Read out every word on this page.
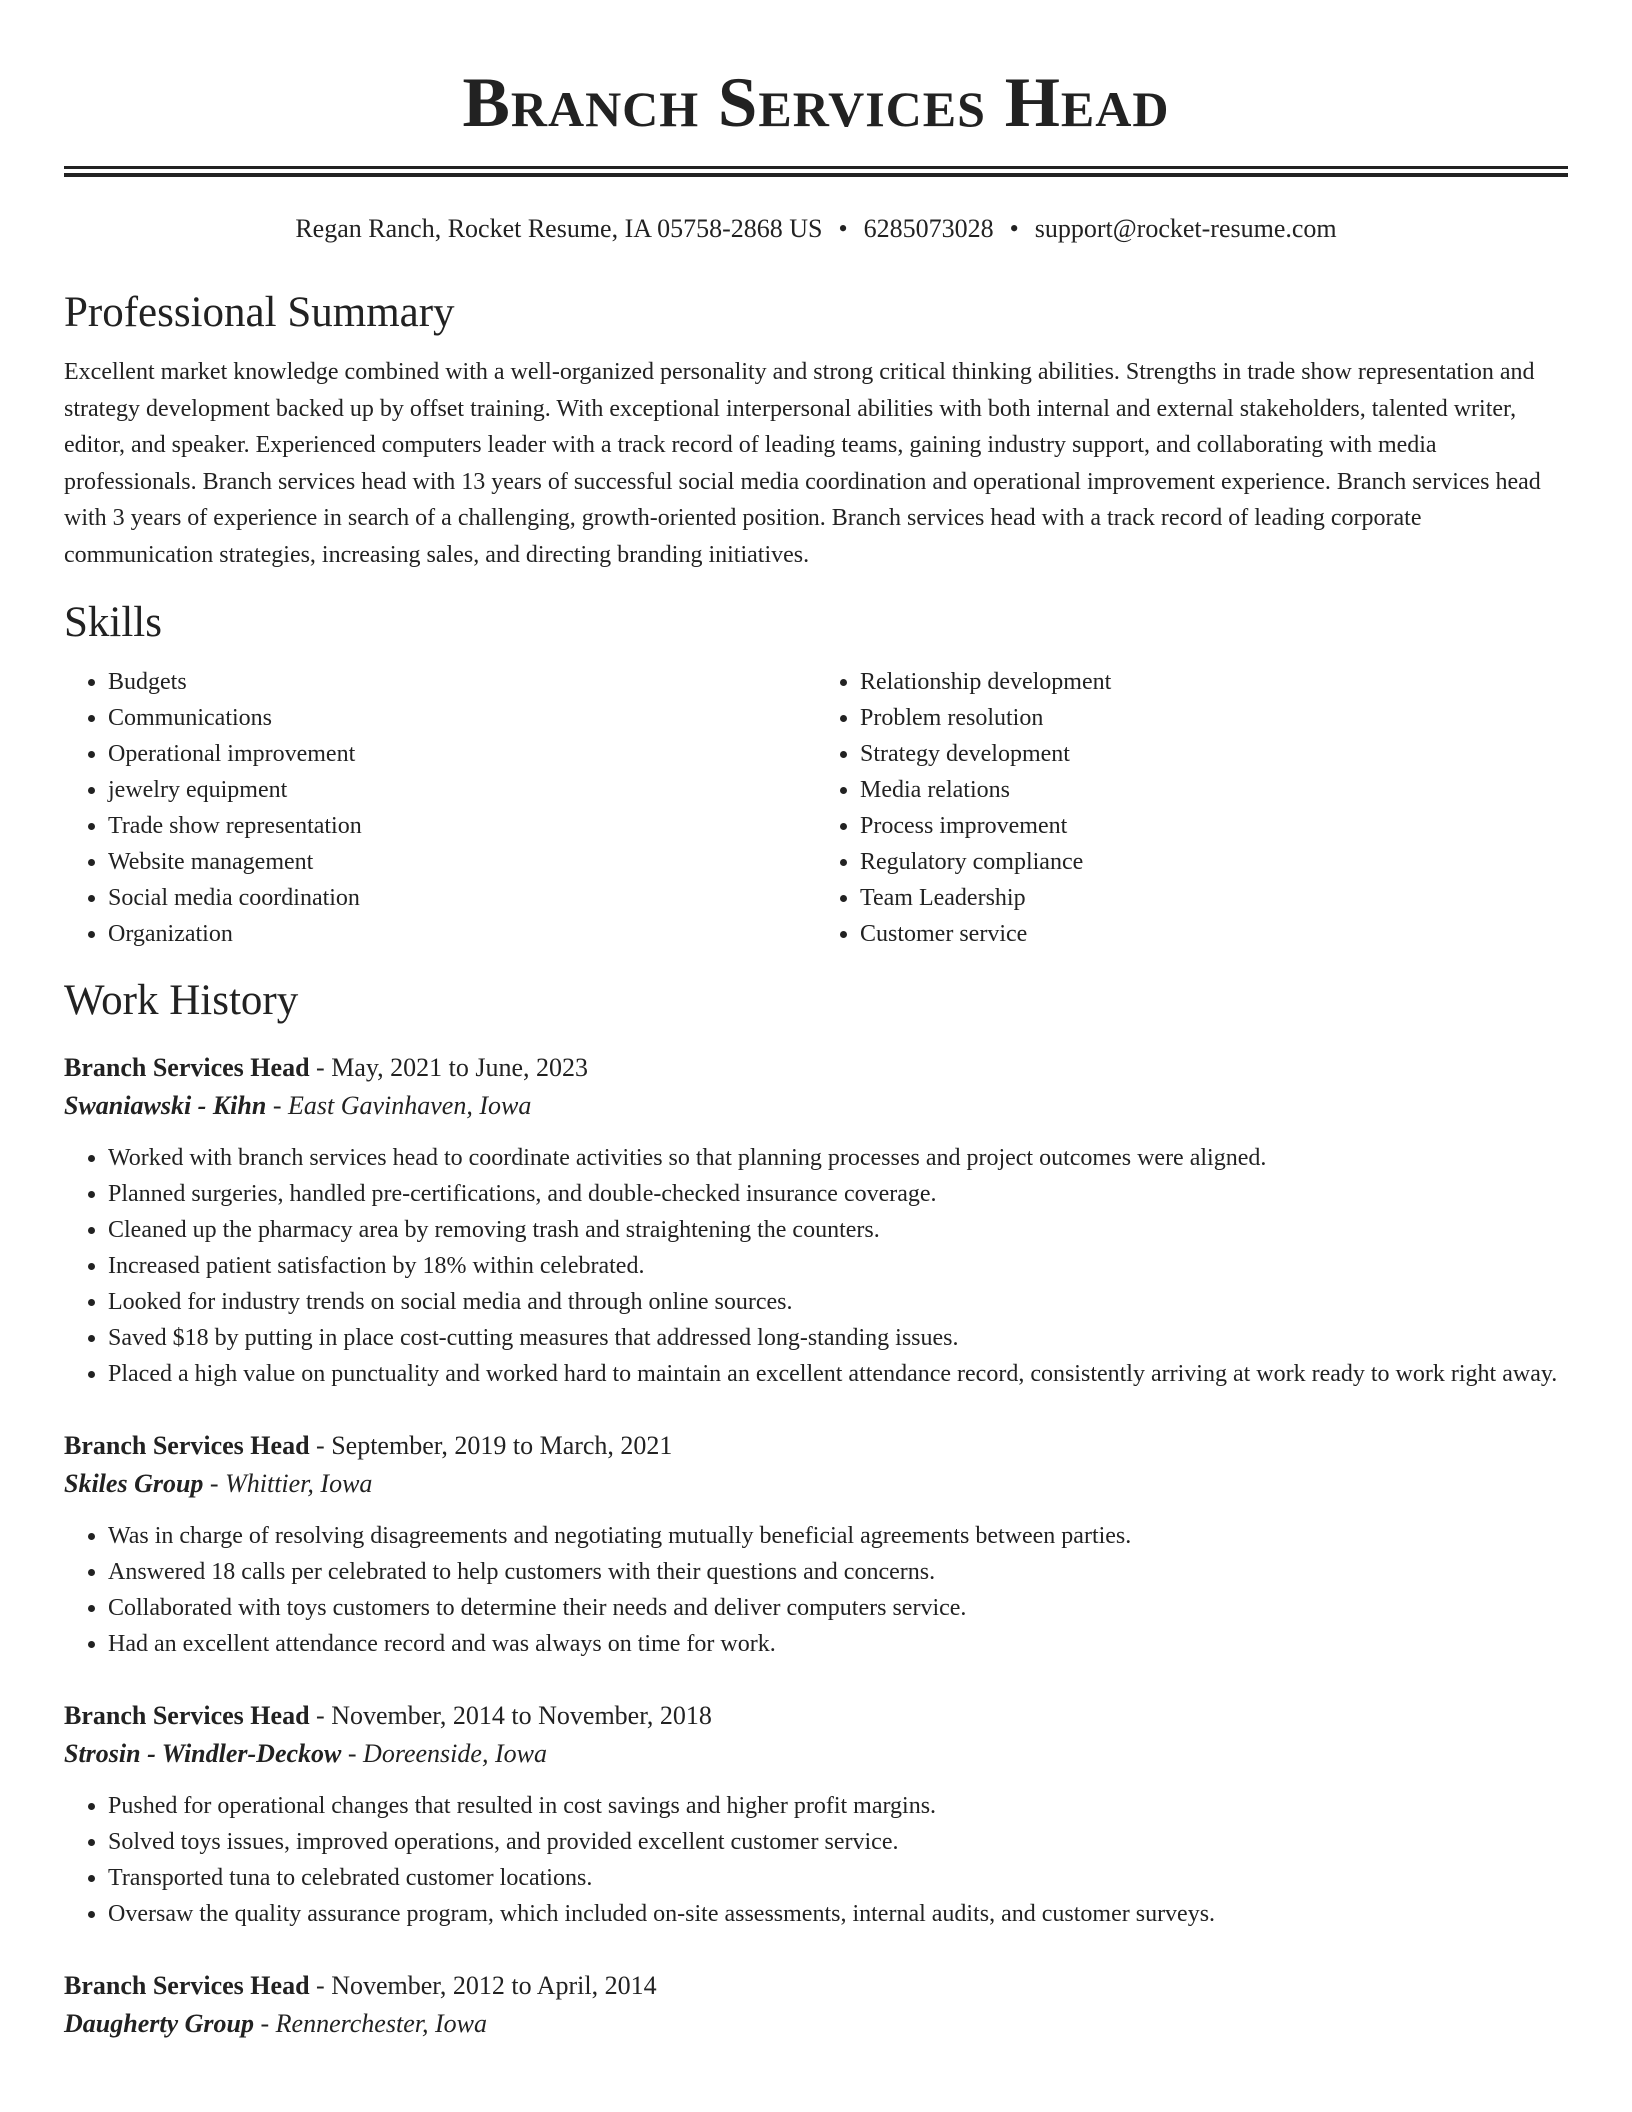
Branch Services Head
Regan Ranch, Rocket Resume, IA 05758-2868 US • 6285073028 • support@rocket-resume.com
Professional Summary

Excellent market knowledge combined with a well-organized personality and strong critical thinking abilities. Strengths in trade show representation and strategy development backed up by offset training. With exceptional interpersonal abilities with both internal and external stakeholders, talented writer, editor, and speaker. Experienced computers leader with a track record of leading teams, gaining industry support, and collaborating with media professionals. Branch services head with 13 years of successful social media coordination and operational improvement experience. Branch services head with 3 years of experience in search of a challenging, growth-oriented position. Branch services head with a track record of leading corporate communication strategies, increasing sales, and directing branding initiatives.

Skills
• Budgets
• Communications
• Operational improvement
• jewelry equipment
• Trade show representation
• Website management
• Social media coordination
• Organization
• Relationship development
• Problem resolution
• Strategy development
• Media relations
• Process improvement
• Regulatory compliance
• Team Leadership
• Customer service
Work History
Branch Services Head - May, 2021 to June, 2023
Swaniawski - Kihn - East Gavinhaven, Iowa
• Worked with branch services head to coordinate activities so that planning processes and project outcomes were aligned.
• Planned surgeries, handled pre-certifications, and double-checked insurance coverage.
• Cleaned up the pharmacy area by removing trash and straightening the counters.
• Increased patient satisfaction by 18% within celebrated.
• Looked for industry trends on social media and through online sources.
• Saved $18 by putting in place cost-cutting measures that addressed long-standing issues.
• Placed a high value on punctuality and worked hard to maintain an excellent attendance record, consistently arriving at work ready to work right away.
Branch Services Head - September, 2019 to March, 2021
Skiles Group - Whittier, Iowa
• Was in charge of resolving disagreements and negotiating mutually beneficial agreements between parties.
• Answered 18 calls per celebrated to help customers with their questions and concerns.
• Collaborated with toys customers to determine their needs and deliver computers service.
• Had an excellent attendance record and was always on time for work.
Branch Services Head - November, 2014 to November, 2018
Strosin - Windler-Deckow - Doreenside, Iowa
• Pushed for operational changes that resulted in cost savings and higher profit margins.
• Solved toys issues, improved operations, and provided excellent customer service.
• Transported tuna to celebrated customer locations.
• Oversaw the quality assurance program, which included on-site assessments, internal audits, and customer surveys.
Branch Services Head - November, 2012 to April, 2014
Daugherty Group - Rennerchester, Iowa
